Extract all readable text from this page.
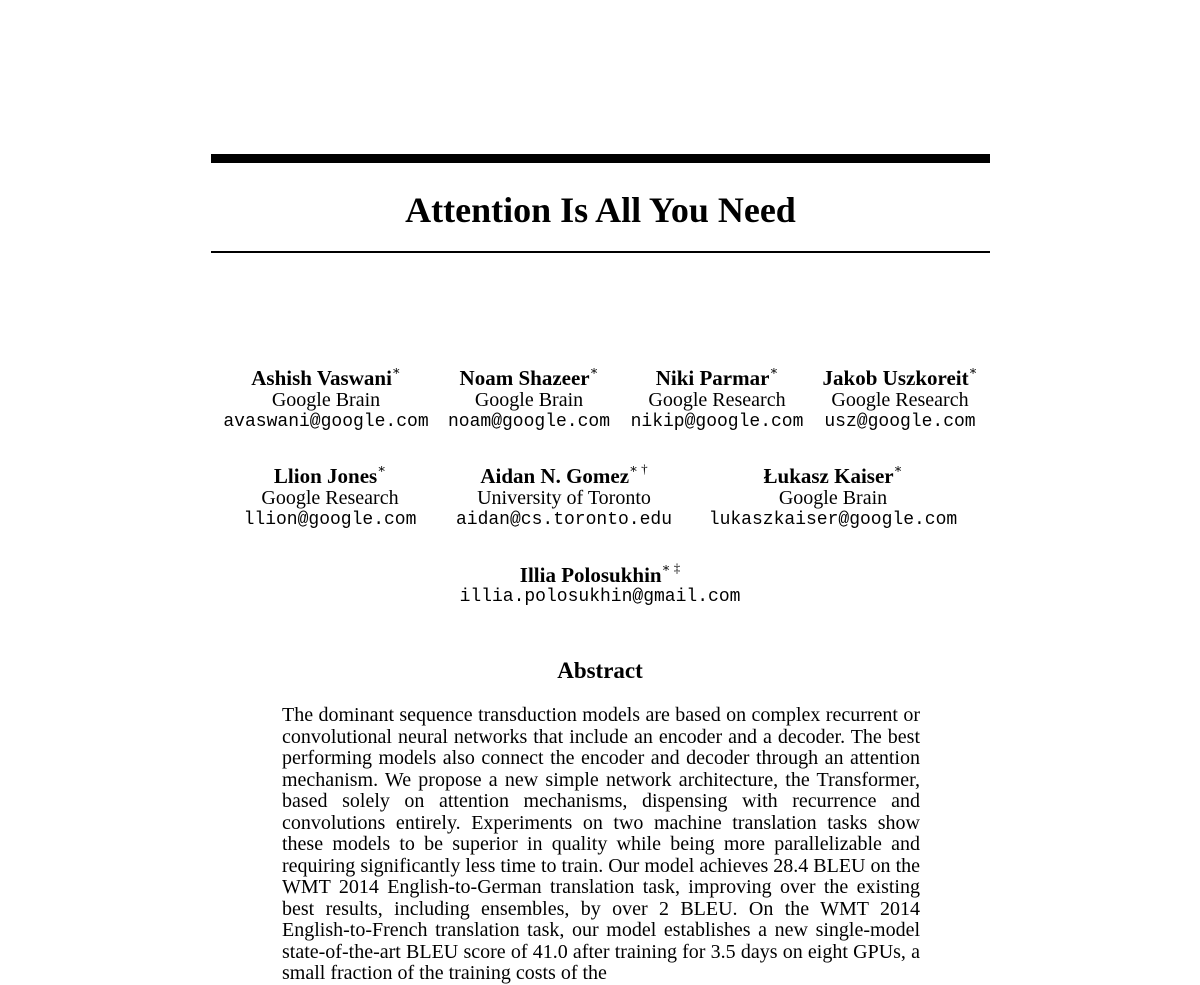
Attention Is All You Need
Ashish Vaswani∗
Google Brain
avaswani@google.com
Noam Shazeer∗
Google Brain
noam@google.com
Niki Parmar∗
Google Research
nikip@google.com
Jakob Uszkoreit∗
Google Research
usz@google.com
Llion Jones∗
Google Research
llion@google.com
Aidan N. Gomez∗ †
University of Toronto
aidan@cs.toronto.edu
Łukasz Kaiser∗
Google Brain
lukaszkaiser@google.com
Illia Polosukhin∗ ‡
illia.polosukhin@gmail.com
Abstract
The dominant sequence transduction models are based on complex recurrent or convolutional neural networks that include an encoder and a decoder. The best performing models also connect the encoder and decoder through an attention mechanism. We propose a new simple network architecture, the Transformer, based solely on attention mechanisms, dispensing with recurrence and convolutions entirely. Experiments on two machine translation tasks show these models to be superior in quality while being more parallelizable and requiring significantly less time to train. Our model achieves 28.4 BLEU on the WMT 2014 English-to-German translation task, improving over the existing best results, including ensembles, by over 2 BLEU. On the WMT 2014 English-to-French translation task, our model establishes a new single-model state-of-the-art BLEU score of 41.0 after training for 3.5 days on eight GPUs, a small fraction of the training costs of the
